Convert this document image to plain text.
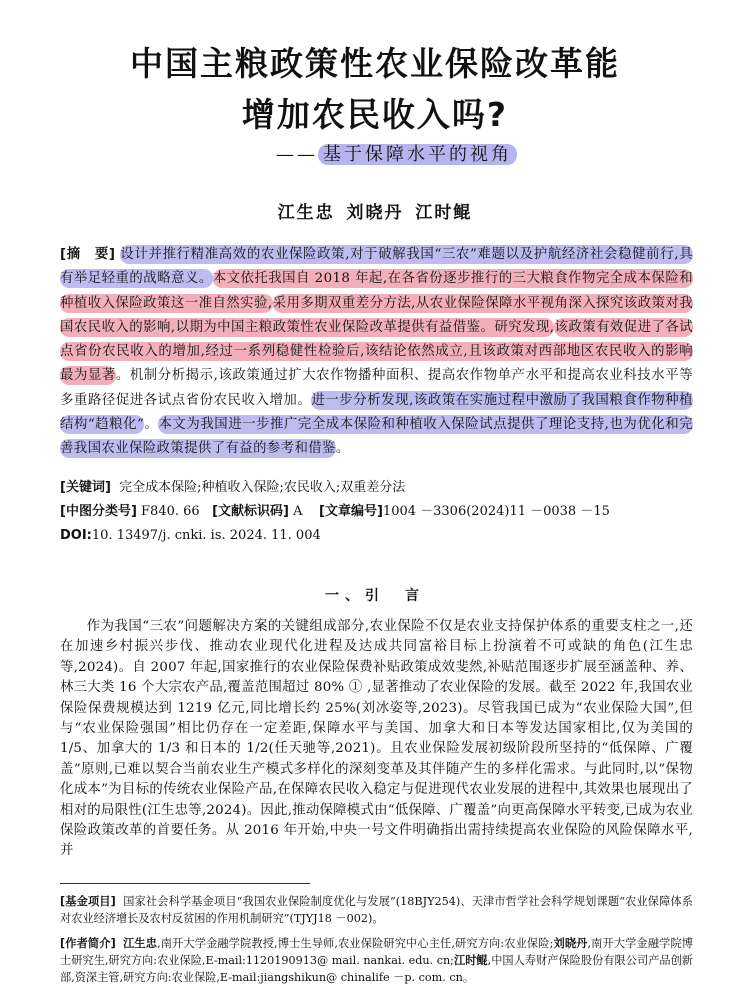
中国主粮政策性农业保险改革能
增加农民收入吗?
—— 基于保障水平的视角
江生忠 刘晓丹 江时鲲
[摘　要] 设计并推行精准高效的农业保险政策,对于破解我国“三农”难题以及护航经济社会稳健前行,具有举足轻重的战略意义。本文依托我国自 2018 年起,在各省份逐步推行的三大粮食作物完全成本保险和种植收入保险政策这一准自然实验,采用多期双重差分方法,从农业保险保障水平视角深入探究该政策对我国农民收入的影响,以期为中国主粮政策性农业保险改革提供有益借鉴。研究发现,该政策有效促进了各试点省份农民收入的增加,经过一系列稳健性检验后,该结论依然成立,且该政策对西部地区农民收入的影响最为显著。机制分析揭示,该政策通过扩大农作物播种面积、提高农作物单产水平和提高农业科技水平等多重路径促进各试点省份农民收入增加。进一步分析发现,该政策在实施过程中激励了我国粮食作物种植结构“趋粮化”。本文为我国进一步推广完全成本保险和种植收入保险试点提供了理论支持,也为优化和完善我国农业保险政策提供了有益的参考和借鉴。
[关键词] 完全成本保险;种植收入保险;农民收入;双重差分法
[中图分类号] F840. 66 [文献标识码] A [文章编号]1004 －3306(2024)11 －0038 －15
DOI:10. 13497/j. cnki. is. 2024. 11. 004
一、引　言
作为我国“三农”问题解决方案的关键组成部分,农业保险不仅是农业支持保护体系的重要支柱之一,还在加速乡村振兴步伐、推动农业现代化进程及达成共同富裕目标上扮演着不可或缺的角色(江生忠等,2024)。自 2007 年起,国家推行的农业保险保费补贴政策成效斐然,补贴范围逐步扩展至涵盖种、养、林三大类 16 个大宗农产品,覆盖范围超过 80% ① ,显著推动了农业保险的发展。截至 2022 年,我国农业保险保费规模达到 1219 亿元,同比增长约 25%(刘冰姿等,2023)。尽管我国已成为“农业保险大国”,但与“农业保险强国”相比仍存在一定差距,保障水平与美国、加拿大和日本等发达国家相比,仅为美国的 1/5、加拿大的 1/3 和日本的 1/2(任天驰等,2021)。且农业保险发展初级阶段所坚持的“低保障、广覆盖”原则,已难以契合当前农业生产模式多样化的深刻变革及其伴随产生的多样化需求。与此同时,以“保物化成本”为目标的传统农业保险产品,在保障农民收入稳定与促进现代农业发展的进程中,其效果也展现出了相对的局限性(江生忠等,2024)。因此,推动保障模式由“低保障、广覆盖”向更高保障水平转变,已成为农业保险政策改革的首要任务。从 2016 年开始,中央一号文件明确指出需持续提高农业保险的风险保障水平,并
[基金项目] 国家社会科学基金项目“我国农业保险制度优化与发展”(18BJY254)、天津市哲学社会科学规划课题“农业保障体系对农业经济增长及农村反贫困的作用机制研究”(TJYJ18 －002)。
[作者简介] 江生忠,南开大学金融学院教授,博士生导师,农业保险研究中心主任,研究方向:农业保险;刘晓丹,南开大学金融学院博士研究生,研究方向:农业保险,E-mail:1120190913@ mail. nankai. edu. cn;江时鲲,中国人寿财产保险股份有限公司产品创新部,资深主管,研究方向:农业保险,E-mail:jiangshikun@ chinalife －p. com. cn。
